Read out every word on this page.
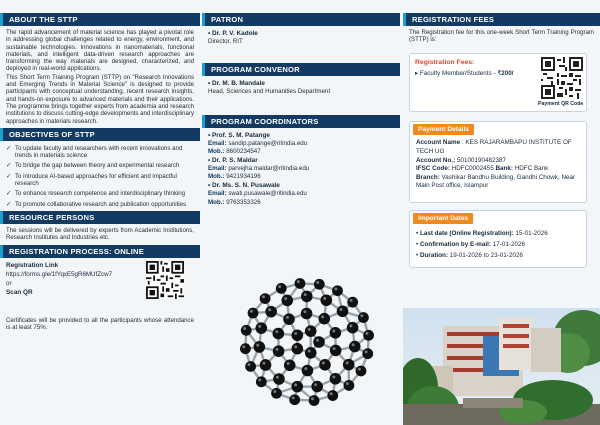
ABOUT THE STTP

The rapid advancement of material science has played a pivotal role in addressing global challenges related to energy, environment, and sustainable technologies. Innovations in nanomaterials, functional materials, and intelligent data-driven research approaches are transforming the way materials are designed, characterized, and deployed in real-world applications.

This Short Term Training Program (STTP) on "Research Innovations and Emerging Trends in Material Science" is designed to provide participants with conceptual understanding, recent research insights, and hands-on exposure to advanced materials and their applications. The programme brings together experts from academia and research institutions to discuss cutting-edge developments and interdisciplinary approaches in materials research.

OBJECTIVES OF STTP
✓ To update faculty and researchers with recent innovations and trends in materials science
✓ To bridge the gap between theory and experimental research
✓ To introduce AI-based approaches for efficient and impactful research
✓ To enhance research competence and interdisciplinary thinking
✓ To promote collaborative research and publication opportunities
RESOURCE PERSONS

The sessions will be delivered by experts from Academic Institutions, Research Institutes and Industries etc.

REGISTRATION PROCESS: ONLINE
Registration Link
https://forms.gle/1fYqxE5gR6MUfZcw7
or
Scan QR

Certificates will be provided to all the participants whose attendance is at least 75%.

PATRON
• Dr. P. V. Kadole
Director, RIT
PROGRAM CONVENOR
• Dr. M. B. Mandale
Head, Sciences and Humanities Department
PROGRAM COORDINATORS
• Prof. S. M. Patange
Email: sandip.patange@ritindia.edu
Mob.: 8600234547
• Dr. P. S. Maldar
Email: parvejha.maldar@ritindia.edu
Mob.: 9421934196
• Dr. Ms. S. N. Pusawale
Email: swati.pusawale@ritindia.edu
Mob.: 9763353326
REGISTRATION FEES

The Registration fee for this one-week Short Term Training Program (STTP) is:

Registration Fees:
▸ Faculty Member/Students - ₹200/
Payment QR Code
Payment Details
Account Name : KES RAJARAMBAPU INSTITUTE OF TECH UG
Account No.: 50100190482387
IFSC Code: HDFC0002455 Bank: HDFC Bank
Branch: Vashikar Bandhu Building, Gandhi Chowk, Near Main Post office, Islampur
Important Dates
• Last date (Online Registration): 15-01-2026
• Confirmation by E-mail: 17-01-2026
• Duration: 19-01-2026 to 23-01-2026
